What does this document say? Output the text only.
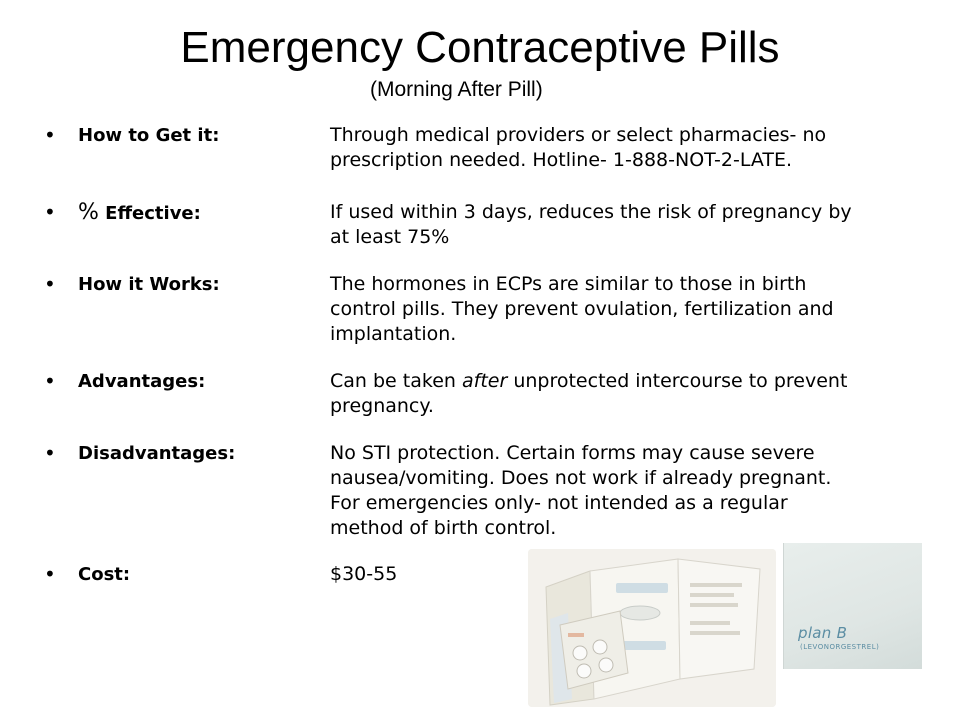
Emergency Contraceptive Pills
(Morning After Pill)
• How to Get it:	Through medical providers or select pharmacies- no
prescription needed. Hotline- 1-888-NOT-2-LATE.
• % Effective:	If used within 3 days, reduces the risk of pregnancy by
at least 75%
• How it Works:	The hormones in ECPs are similar to those in birth
control pills. They prevent ovulation, fertilization and
implantation.
• Advantages:	Can be taken after unprotected intercourse to prevent
pregnancy.
• Disadvantages:	No STI protection. Certain forms may cause severe
nausea/vomiting. Does not work if already pregnant.
For emergencies only- not intended as a regular
method of birth control.
• Cost:	$30-55
plan B
(LEVONORGESTREL)
